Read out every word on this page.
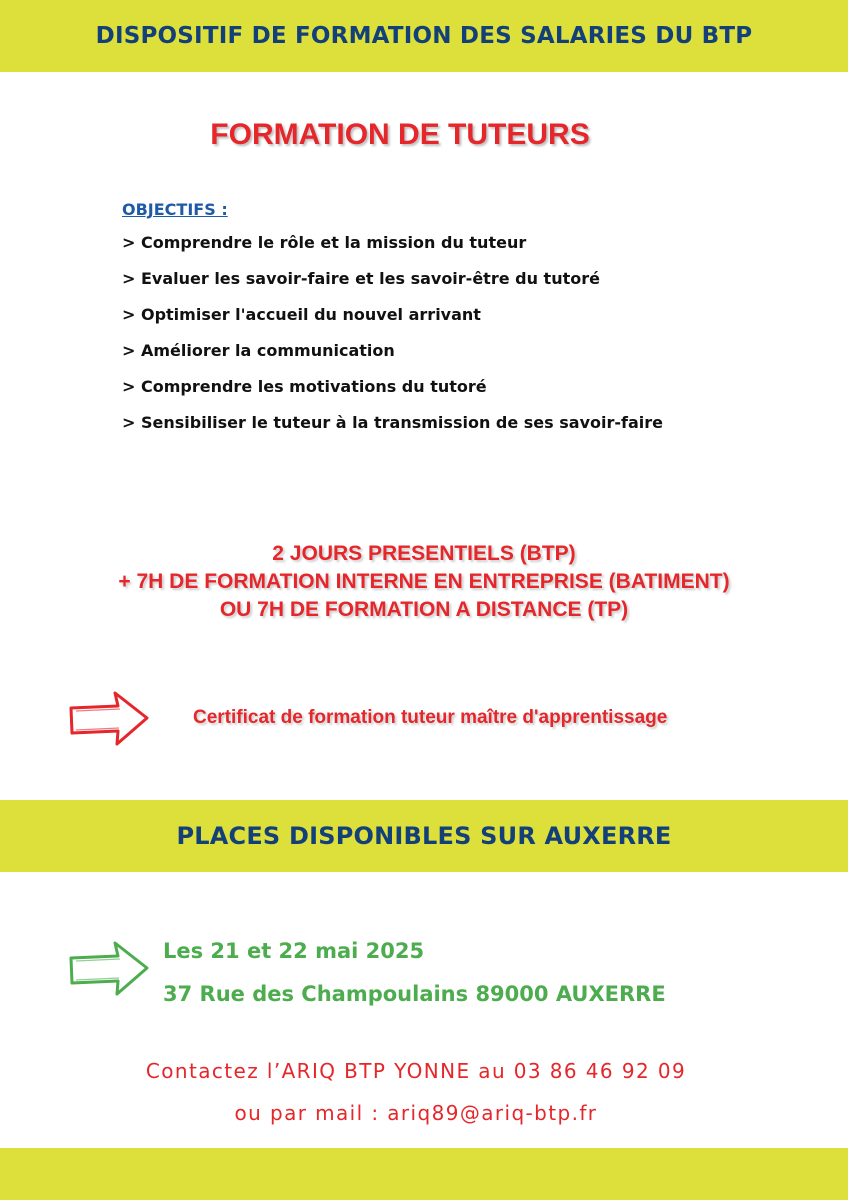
DISPOSITIF DE FORMATION DES SALARIES DU BTP
FORMATION DE TUTEURS
OBJECTIFS :
> Comprendre le rôle et la mission du tuteur
> Evaluer les savoir-faire et les savoir-être du tutoré
> Optimiser l'accueil du nouvel arrivant
> Améliorer la communication
> Comprendre les motivations du tutoré
> Sensibiliser le tuteur à la transmission de ses savoir-faire
2 JOURS PRESENTIELS (BTP)
+ 7H DE FORMATION INTERNE EN ENTREPRISE (BATIMENT)
OU 7H DE FORMATION A DISTANCE (TP)
Certificat de formation tuteur maître d'apprentissage
PLACES DISPONIBLES SUR AUXERRE
Les 21 et 22 mai 2025
37 Rue des Champoulains 89000 AUXERRE
Contactez l’ARIQ BTP YONNE au 03 86 46 92 09
ou par mail : ariq89@ariq-btp.fr
